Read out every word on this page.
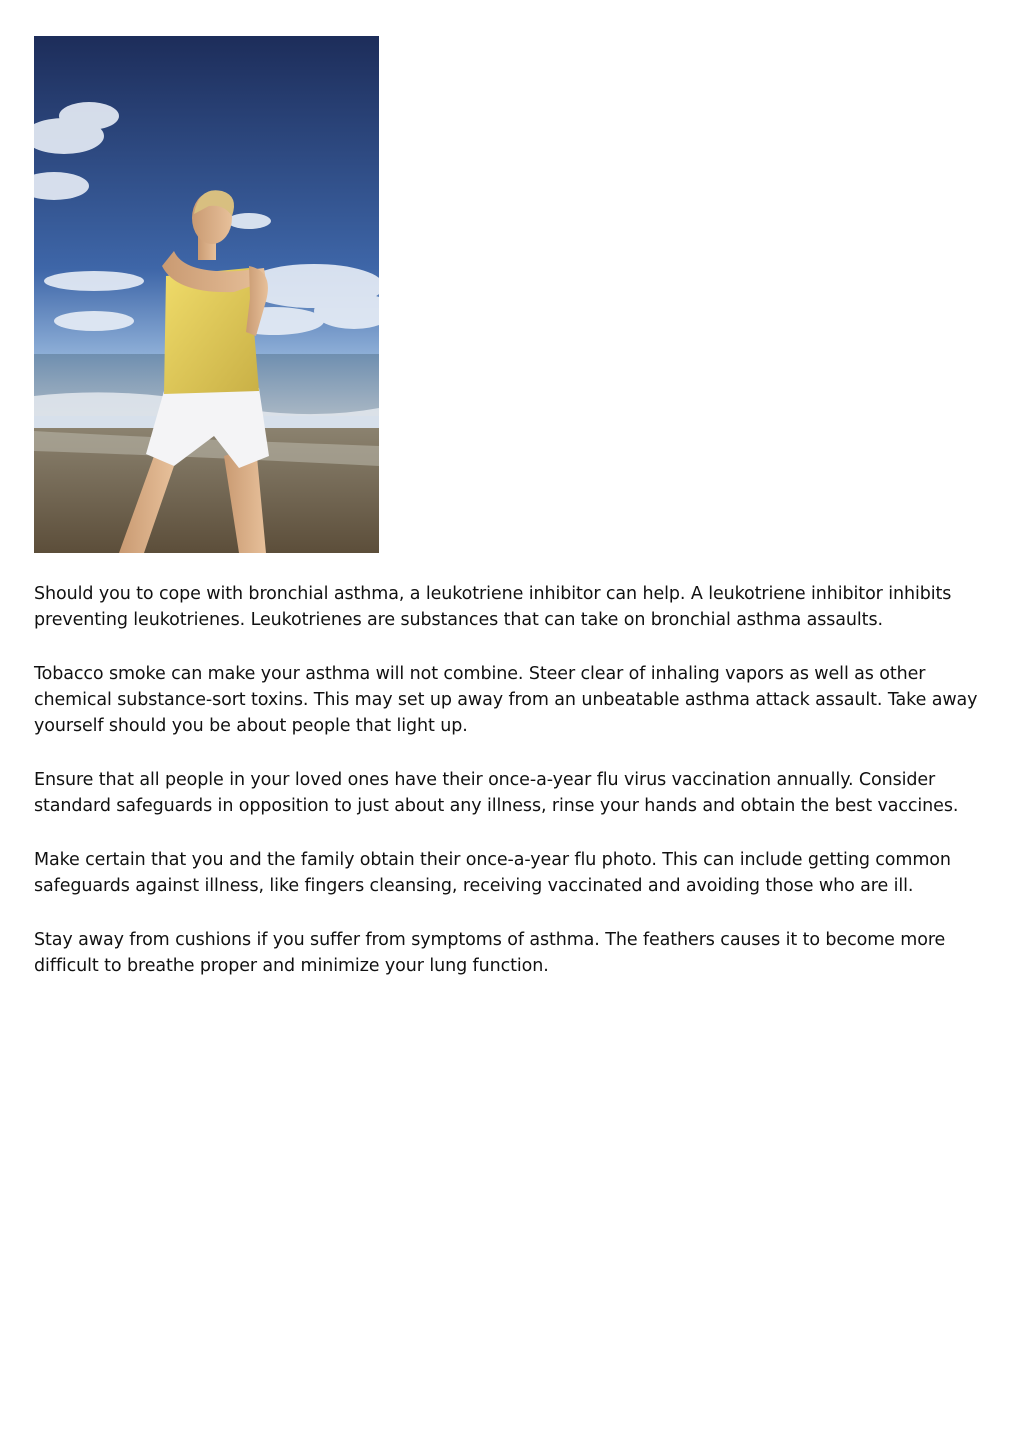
Should you to cope with bronchial asthma, a leukotriene inhibitor can help. A leukotriene inhibitor inhibits preventing leukotrienes. Leukotrienes are substances that can take on bronchial asthma assaults.

Tobacco smoke can make your asthma will not combine. Steer clear of inhaling vapors as well as other chemical substance-sort toxins. This may set up away from an unbeatable asthma attack assault. Take away yourself should you be about people that light up.

Ensure that all people in your loved ones have their once-a-year flu virus vaccination annually. Consider standard safeguards in opposition to just about any illness, rinse your hands and obtain the best vaccines.

Make certain that you and the family obtain their once-a-year flu photo. This can include getting common safeguards against illness, like fingers cleansing, receiving vaccinated and avoiding those who are ill.

Stay away from cushions if you suffer from symptoms of asthma. The feathers causes it to become more difficult to breathe proper and minimize your lung function.
